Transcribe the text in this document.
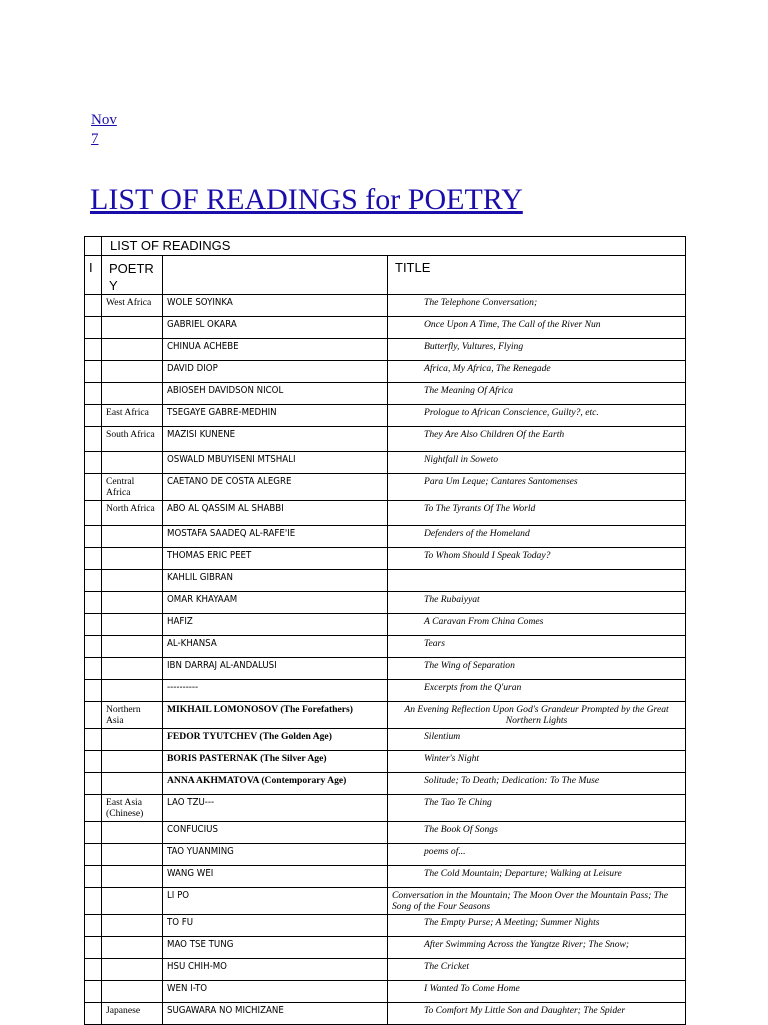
Nov
7
LIST OF READINGS for POETRY
	LIST OF READINGS		
I	POETRY		TITLE
	West Africa	WOLE SOYINKA	The Telephone Conversation;
		GABRIEL OKARA	Once Upon A Time, The Call of the River Nun
		CHINUA ACHEBE	Butterfly, Vultures, Flying
		DAVID DIOP	Africa, My Africa, The Renegade
		ABIOSEH DAVIDSON NICOL	The Meaning Of Africa
	East Africa	TSEGAYE GABRE-MEDHIN	Prologue to African Conscience, Guilty?, etc.
	South Africa	MAZISI KUNENE	They Are Also Children Of the Earth
		OSWALD MBUYISENI MTSHALI	Nightfall in Soweto
	Central Africa	CAETANO DE COSTA ALEGRE	Para Um Leque; Cantares Santomenses
	North Africa	ABO AL QASSIM AL SHABBI	To The Tyrants Of The World
		MOSTAFA SAADEQ AL-RAFE'IE	Defenders of the Homeland
		THOMAS ERIC PEET	To Whom Should I Speak Today?
		KAHLIL GIBRAN	
		OMAR KHAYAAM	The Rubaiyyat
		HAFIZ	A Caravan From China Comes
		AL-KHANSA	Tears
		IBN DARRAJ AL-ANDALUSI	The Wing of Separation
		----------	Excerpts from the Q'uran
	Northern Asia	MIKHAIL LOMONOSOV (The Forefathers)	An Evening Reflection Upon God's Grandeur Prompted by the Great Northern Lights
		FEDOR TYUTCHEV (The Golden Age)	Silentium
		BORIS PASTERNAK (The Silver Age)	Winter's Night
		ANNA AKHMATOVA (Contemporary Age)	Solitude; To Death; Dedication: To The Muse
	East Asia (Chinese)	LAO TZU---	The Tao Te Ching
		CONFUCIUS	The Book Of Songs
		TAO YUANMING	poems of...
		WANG WEI	The Cold Mountain; Departure; Walking at Leisure
		LI PO	Conversation in the Mountain; The Moon Over the Mountain Pass; The Song of the Four Seasons
		TO FU	The Empty Purse; A Meeting; Summer Nights
		MAO TSE TUNG	After Swimming Across the Yangtze River; The Snow;
		HSU CHIH-MO	The Cricket
		WEN I-TO	I Wanted To Come Home
	Japanese	SUGAWARA NO MICHIZANE	To Comfort My Little Son and Daughter; The Spider
